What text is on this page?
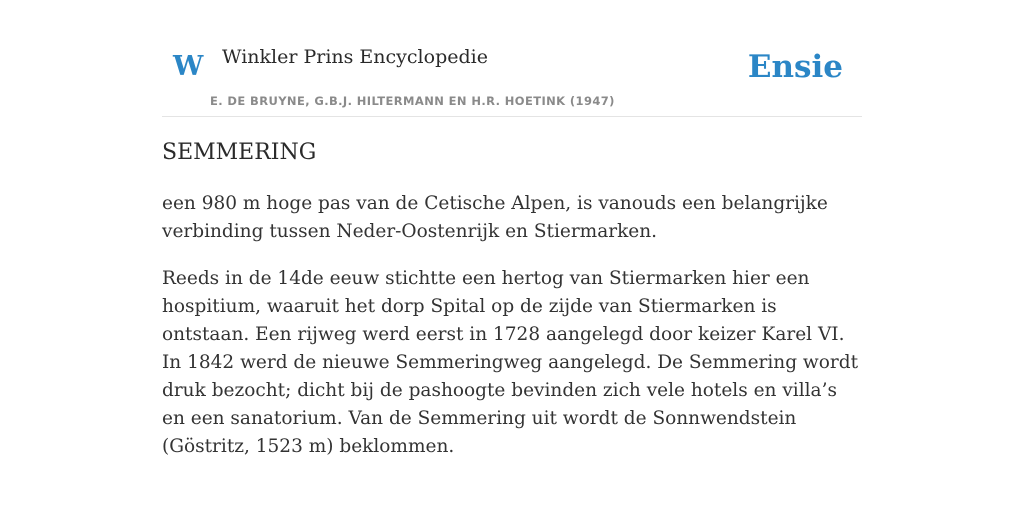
W Winkler Prins Encyclopedie
E. DE BRUYNE, G.B.J. HILTERMANN EN H.R. HOETINK (1947)
Ensie
SEMMERING

een 980 m hoge pas van de Cetische Alpen, is vanouds een belangrijke verbinding tussen Neder-Oostenrijk en Stiermarken.

Reeds in de 14de eeuw stichtte een hertog van Stiermarken hier een hospitium, waaruit het dorp Spital op de zijde van Stiermarken is ontstaan. Een rijweg werd eerst in 1728 aangelegd door keizer Karel VI. In 1842 werd de nieuwe Semmeringweg aangelegd. De Semmering wordt druk bezocht; dicht bij de pashoogte bevinden zich vele hotels en villa’s en een sanatorium. Van de Semmering uit wordt de Sonnwendstein (Göstritz, 1523 m) beklommen.
